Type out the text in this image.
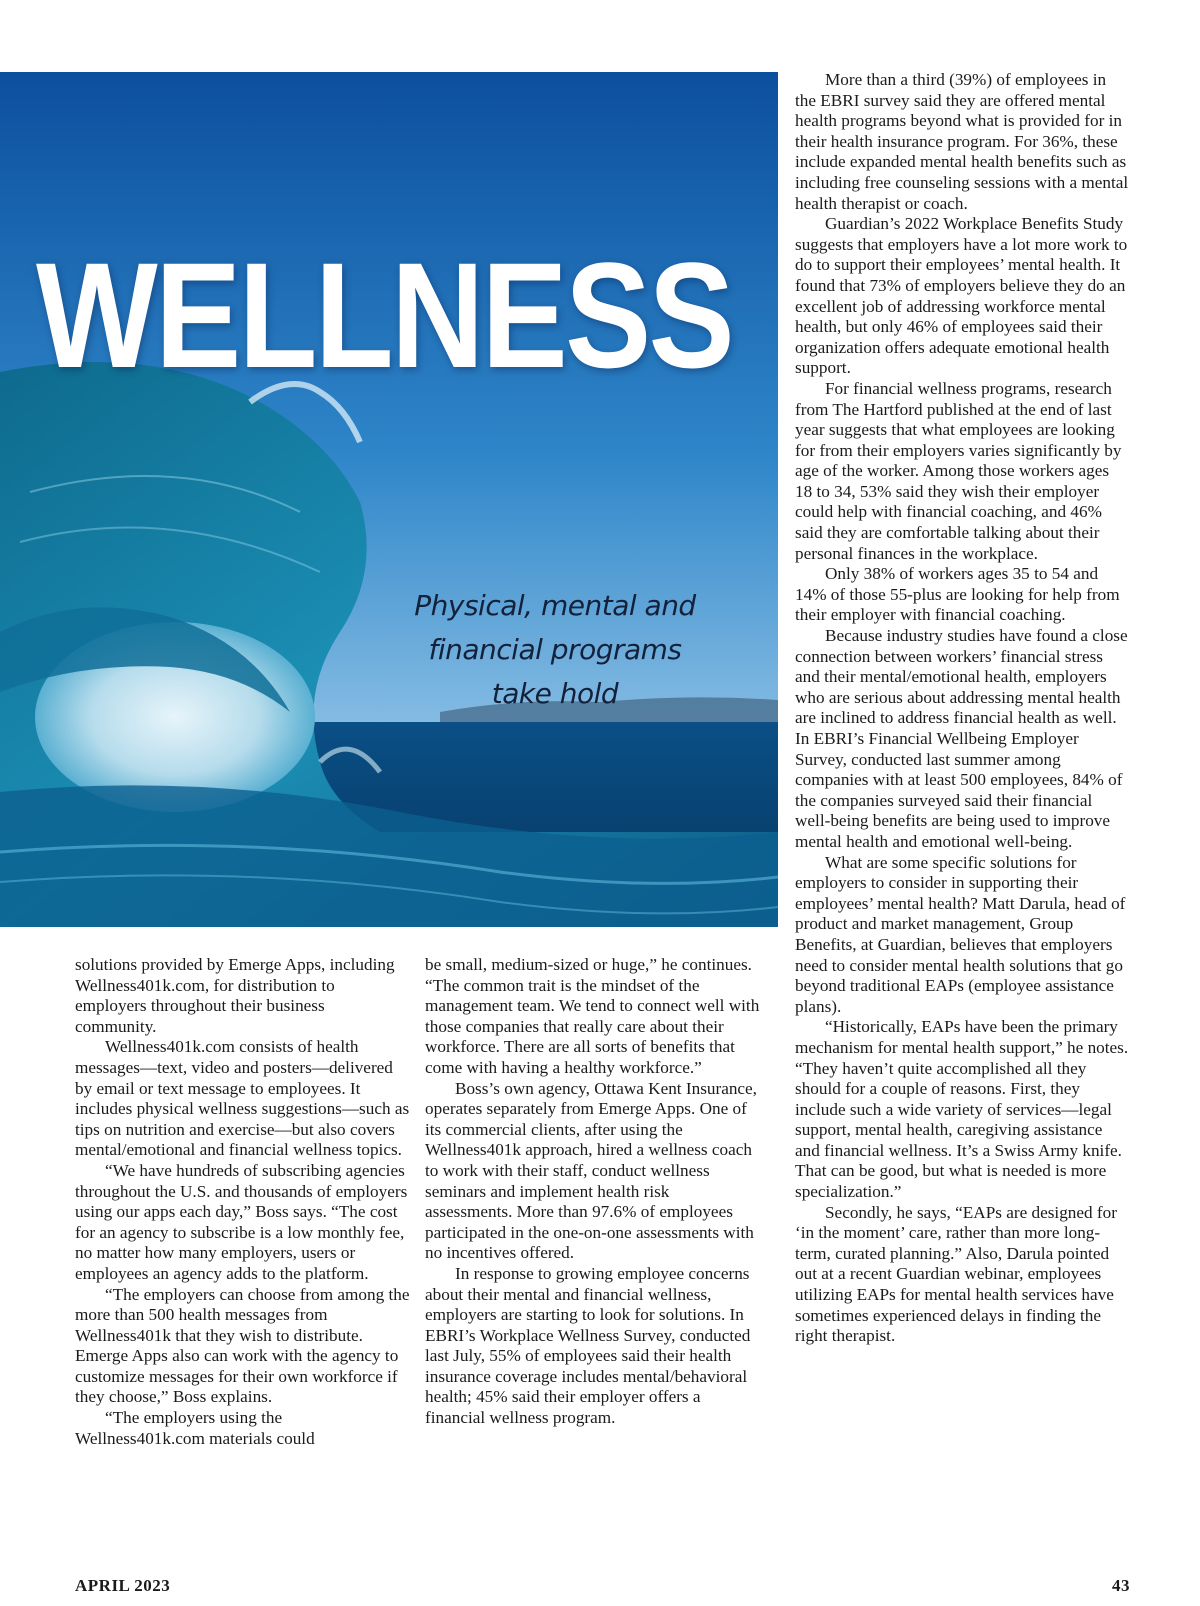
WELLNESS

Physical, mental and financial programs take hold

solutions provided by Emerge Apps, including Wellness401k.com, for distribution to employers throughout their business community.

Wellness401k.com consists of health messages—text, video and posters—delivered by email or text message to employees. It includes physical wellness suggestions—such as tips on nutrition and exercise—but also covers mental/emotional and financial wellness topics.

“We have hundreds of subscribing agencies throughout the U.S. and thousands of employers using our apps each day,” Boss says. “The cost for an agency to subscribe is a low monthly fee, no matter how many employers, users or employees an agency adds to the platform.

“The employers can choose from among the more than 500 health messages from Wellness401k that they wish to distribute. Emerge Apps also can work with the agency to customize messages for their own workforce if they choose,” Boss explains.

“The employers using the Wellness401k.com materials could

be small, medium-sized or huge,” he continues. “The common trait is the mindset of the management team. We tend to connect well with those companies that really care about their workforce. There are all sorts of benefits that come with having a healthy workforce.”

Boss’s own agency, Ottawa Kent Insurance, operates separately from Emerge Apps. One of its commercial clients, after using the Wellness401k approach, hired a wellness coach to work with their staff, conduct wellness seminars and implement health risk assessments. More than 97.6% of employees participated in the one-on-one assessments with no incentives offered.

In response to growing employee concerns about their mental and financial wellness, employers are starting to look for solutions. In EBRI’s Workplace Wellness Survey, conducted last July, 55% of employees said their health insurance coverage includes mental/behavioral health; 45% said their employer offers a financial wellness program.

More than a third (39%) of employees in the EBRI survey said they are offered mental health programs beyond what is provided for in their health insurance program. For 36%, these include expanded mental health benefits such as including free counseling sessions with a mental health therapist or coach.

Guardian’s 2022 Workplace Benefits Study suggests that employers have a lot more work to do to support their employees’ mental health. It found that 73% of employers believe they do an excellent job of addressing workforce mental health, but only 46% of employees said their organization offers adequate emotional health support.

For financial wellness programs, research from The Hartford published at the end of last year suggests that what employees are looking for from their employers varies significantly by age of the worker. Among those workers ages 18 to 34, 53% said they wish their employer could help with financial coaching, and 46% said they are comfortable talking about their personal finances in the workplace.

Only 38% of workers ages 35 to 54 and 14% of those 55-plus are looking for help from their employer with financial coaching.

Because industry studies have found a close connection between workers’ financial stress and their mental/emotional health, employers who are serious about addressing mental health are inclined to address financial health as well. In EBRI’s Financial Wellbeing Employer Survey, conducted last summer among companies with at least 500 employees, 84% of the companies surveyed said their financial well-being benefits are being used to improve mental health and emotional well-being.

What are some specific solutions for employers to consider in supporting their employees’ mental health? Matt Darula, head of product and market management, Group Benefits, at Guardian, believes that employers need to consider mental health solutions that go beyond traditional EAPs (employee assistance plans).

“Historically, EAPs have been the primary mechanism for mental health support,” he notes. “They haven’t quite accomplished all they should for a couple of reasons. First, they include such a wide variety of services—legal support, mental health, caregiving assistance and financial wellness. It’s a Swiss Army knife. That can be good, but what is needed is more specialization.”

Secondly, he says, “EAPs are designed for ‘in the moment’ care, rather than more long-term, curated planning.” Also, Darula pointed out at a recent Guardian webinar, employees utilizing EAPs for mental health services have sometimes experienced delays in finding the right therapist.

APRIL 2023	43
